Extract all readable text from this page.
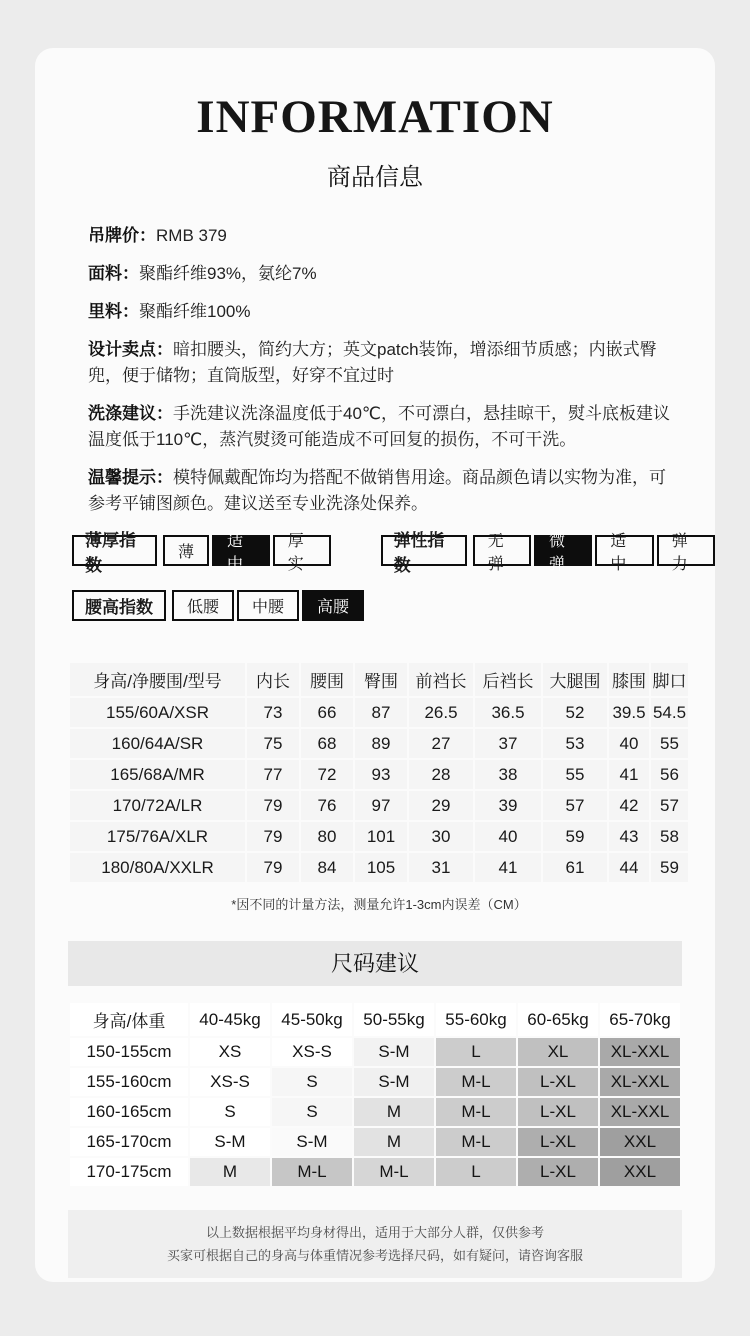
INFORMATION
商品信息

吊牌价：RMB 379

面料：聚酯纤维93%，氨纶7%

里料：聚酯纤维100%

设计卖点：暗扣腰头，简约大方；英文patch装饰，增添细节质感；内嵌式臀兜，便于储物；直筒版型，好穿不宜过时

洗涤建议：手洗建议洗涤温度低于40℃，不可漂白，悬挂晾干，熨斗底板建议温度低于110℃，蒸汽熨烫可能造成不可回复的损伤，不可干洗。

温馨提示：模特佩戴配饰均为搭配不做销售用途。商品颜色请以实物为准，可参考平铺图颜色。建议送至专业洗涤处保养。

薄厚指数
薄
适中
厚实
弹性指数
无弹
微弹
适中
弹力
腰高指数	低腰	中腰	高腰
身高/净腰围/型号	内长	腰围	臀围	前裆长	后裆长	大腿围	膝围	脚口
155/60A/XSR	73	66	87	26.5	36.5	52	39.5	54.5
160/64A/SR	75	68	89	27	37	53	40	55
165/68A/MR	77	72	93	28	38	55	41	56
170/72A/LR	79	76	97	29	39	57	42	57
175/76A/XLR	79	80	101	30	40	59	43	58
180/80A/XXLR	79	84	105	31	41	61	44	59
*因不同的计量方法，测量允许1-3cm内误差（CM）
尺码建议
身高/体重	40-45kg	45-50kg	50-55kg	55-60kg	60-65kg	65-70kg
150-155cm	XS	XS-S	S-M	L	XL	XL-XXL
155-160cm	XS-S	S	S-M	M-L	L-XL	XL-XXL
160-165cm	S	S	M	M-L	L-XL	XL-XXL
165-170cm	S-M	S-M	M	M-L	L-XL	XXL
170-175cm	M	M-L	M-L	L	L-XL	XXL
以上数据根据平均身材得出，适用于大部分人群，仅供参考
买家可根据自己的身高与体重情况参考选择尺码，如有疑问，请咨询客服
